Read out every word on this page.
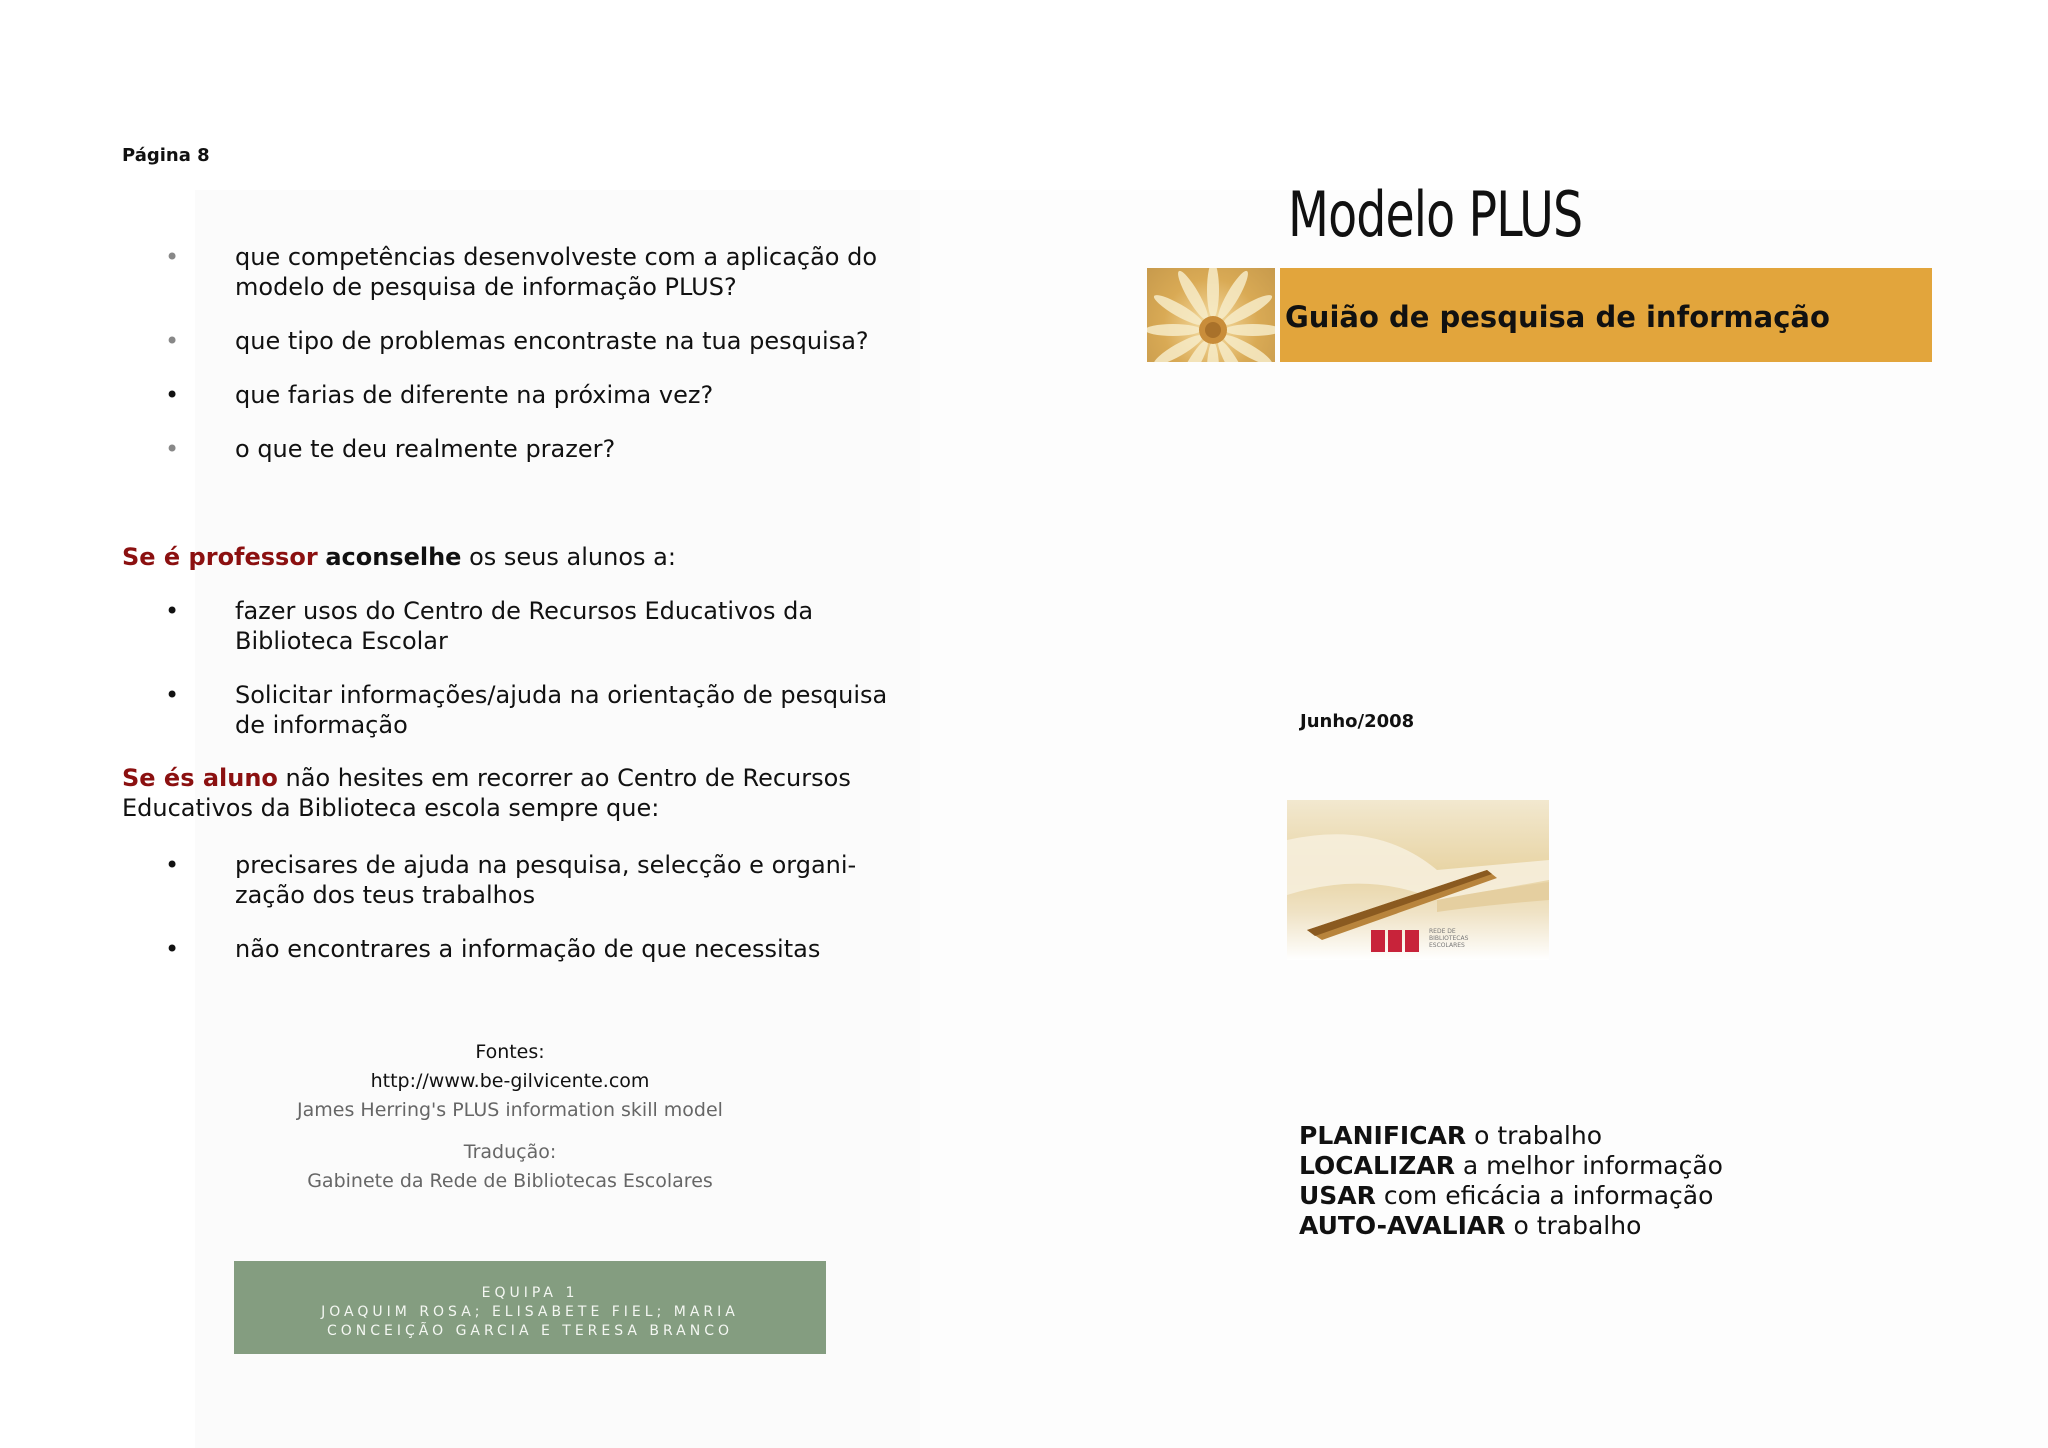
Página 8
• que competências desenvolveste com a aplicação do modelo de pesquisa de informação PLUS?
• que tipo de problemas encontraste na tua pesquisa?
• que farias de diferente na próxima vez?
• o que te deu realmente prazer?
Se é professor aconselhe os seus alunos a:
• fazer usos do Centro de Recursos Educativos da Biblioteca Escolar
• Solicitar informações/ajuda na orientação de pesquisa de informação
Se és aluno não hesites em recorrer ao Centro de Recursos Educativos da Biblioteca escola sempre que:
• precisares de ajuda na pesquisa, selecção e organi-zação dos teus trabalhos
• não encontrares a informação de que necessitas
Fontes:
http://www.be-gilvicente.com
James Herring's PLUS information skill model
Tradução:
Gabinete da Rede de Bibliotecas Escolares
EQUIPA 1
JOAQUIM ROSA; ELISABETE FIEL; MARIA
CONCEIÇÃO GARCIA E TERESA BRANCO
Modelo PLUS
Guião de pesquisa de informação
Junho/2008
REDE DE
BIBLIOTECAS
ESCOLARES
PLANIFICAR o trabalho
LOCALIZAR a melhor informação
USAR com eficácia a informação
AUTO-AVALIAR o trabalho
